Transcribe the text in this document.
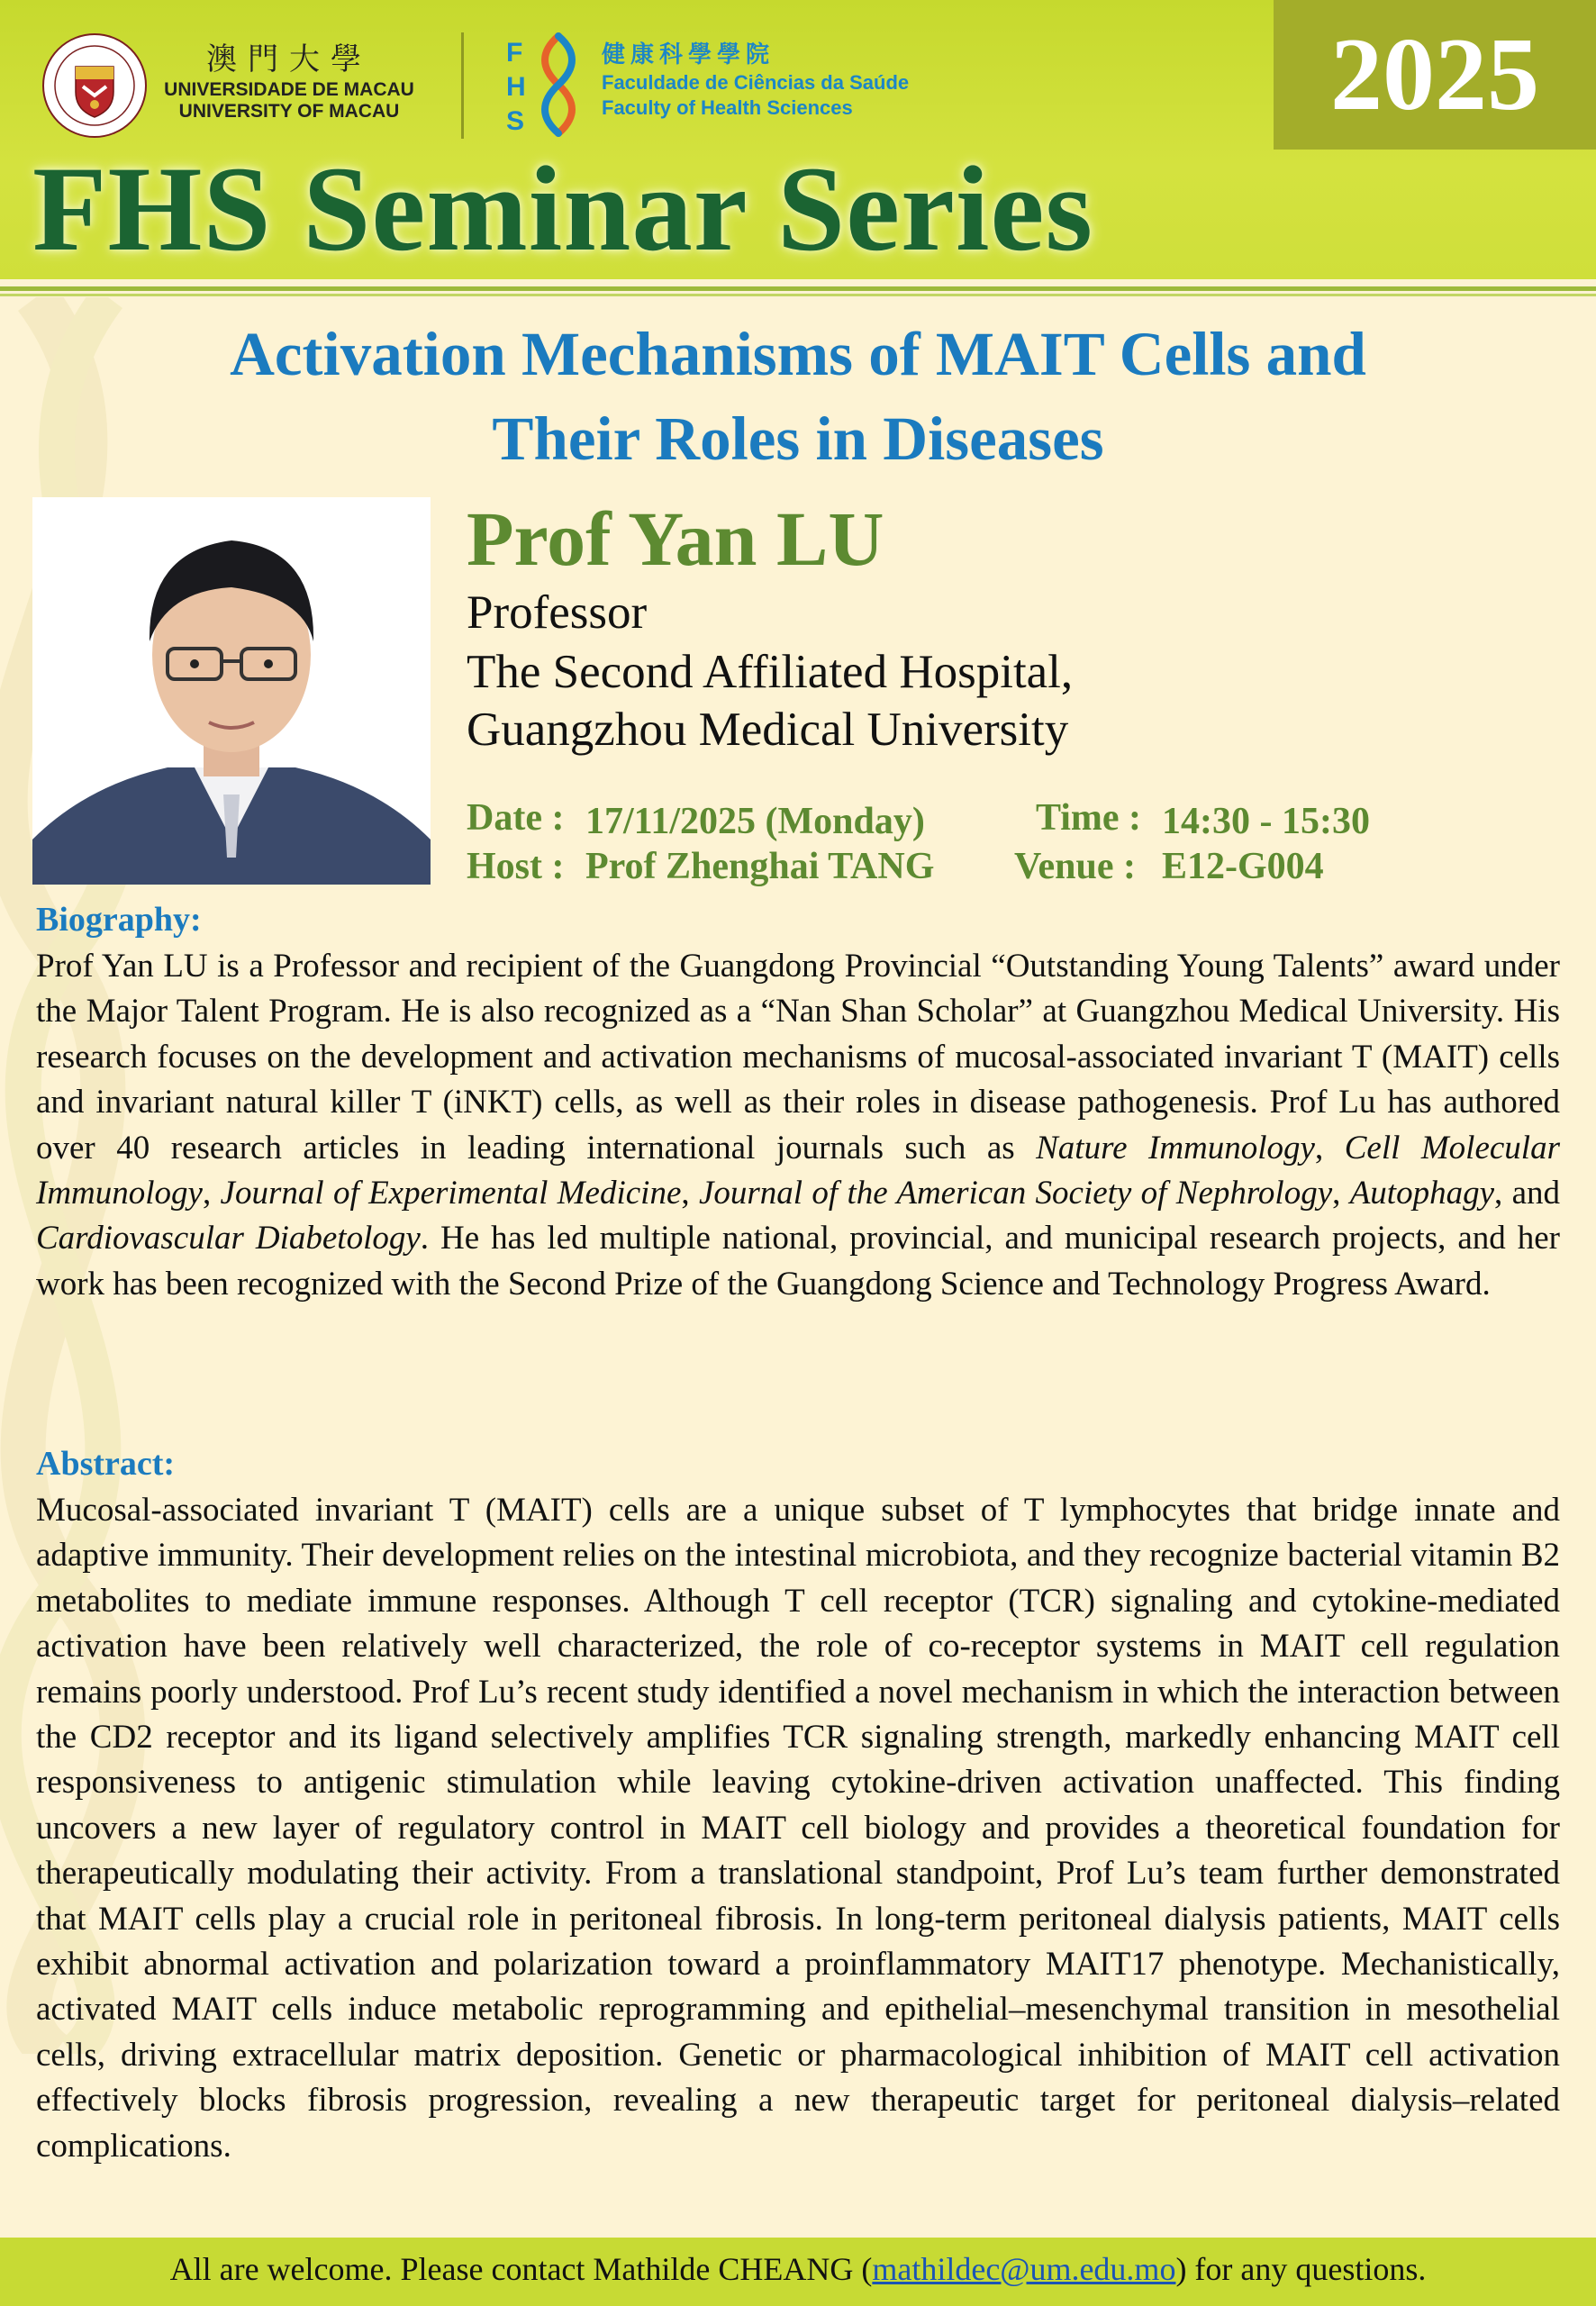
2025
澳門大學
UNIVERSIDADE DE MACAU
UNIVERSITY OF MACAU
F
H
S
健康科學學院
Faculdade de Ciências da Saúde
Faculty of Health Sciences
FHS Seminar Series
Activation Mechanisms of MAIT Cells and
Their Roles in Diseases
Prof Yan LU
Professor
The Second Affiliated Hospital,
Guangzhou Medical University
Date : 17/11/2025 (Monday)	Time : 14:30 - 15:30
Host : Prof Zhenghai TANG Venue : E12-G004
Biography:
Prof Yan LU is a Professor and recipient of the Guangdong Provincial “Outstanding Young Talents” award under the Major Talent Program. He is also recognized as a “Nan Shan Scholar” at Guangzhou Medical University. His research focuses on the development and activation mechanisms of mucosal-associated invariant T (MAIT) cells and invariant natural killer T (iNKT) cells, as well as their roles in disease pathogenesis. Prof Lu has authored over 40 research articles in leading international journals such as Nature Immunology, Cell Molecular Immunology, Journal of Experimental Medicine, Journal of the American Society of Nephrology, Autophagy, and Cardiovascular Diabetology. He has led multiple national, provincial, and municipal research projects, and her work has been recognized with the Second Prize of the Guangdong Science and Technology Progress Award.
Abstract:
Mucosal-associated invariant T (MAIT) cells are a unique subset of T lymphocytes that bridge innate and adaptive immunity. Their development relies on the intestinal microbiota, and they recognize bacterial vitamin B2 metabolites to mediate immune responses. Although T cell receptor (TCR) signaling and cytokine-mediated activation have been relatively well characterized, the role of co-receptor systems in MAIT cell regulation remains poorly understood. Prof Lu’s recent study identified a novel mechanism in which the interaction between the CD2 receptor and its ligand selectively amplifies TCR signaling strength, markedly enhancing MAIT cell responsiveness to antigenic stimulation while leaving cytokine-driven activation unaffected. This finding uncovers a new layer of regulatory control in MAIT cell biology and provides a theoretical foundation for therapeutically modulating their activity. From a translational standpoint, Prof Lu’s team further demonstrated that MAIT cells play a crucial role in peritoneal fibrosis. In long-term peritoneal dialysis patients, MAIT cells exhibit abnormal activation and polarization toward a proinflammatory MAIT17 phenotype. Mechanistically, activated MAIT cells induce metabolic reprogramming and epithelial–mesenchymal transition in mesothelial cells, driving extracellular matrix deposition. Genetic or pharmacological inhibition of MAIT cell activation effectively blocks fibrosis progression, revealing a new therapeutic target for peritoneal dialysis–related complications.
All are welcome. Please contact Mathilde CHEANG (mathildec@um.edu.mo) for any questions.
